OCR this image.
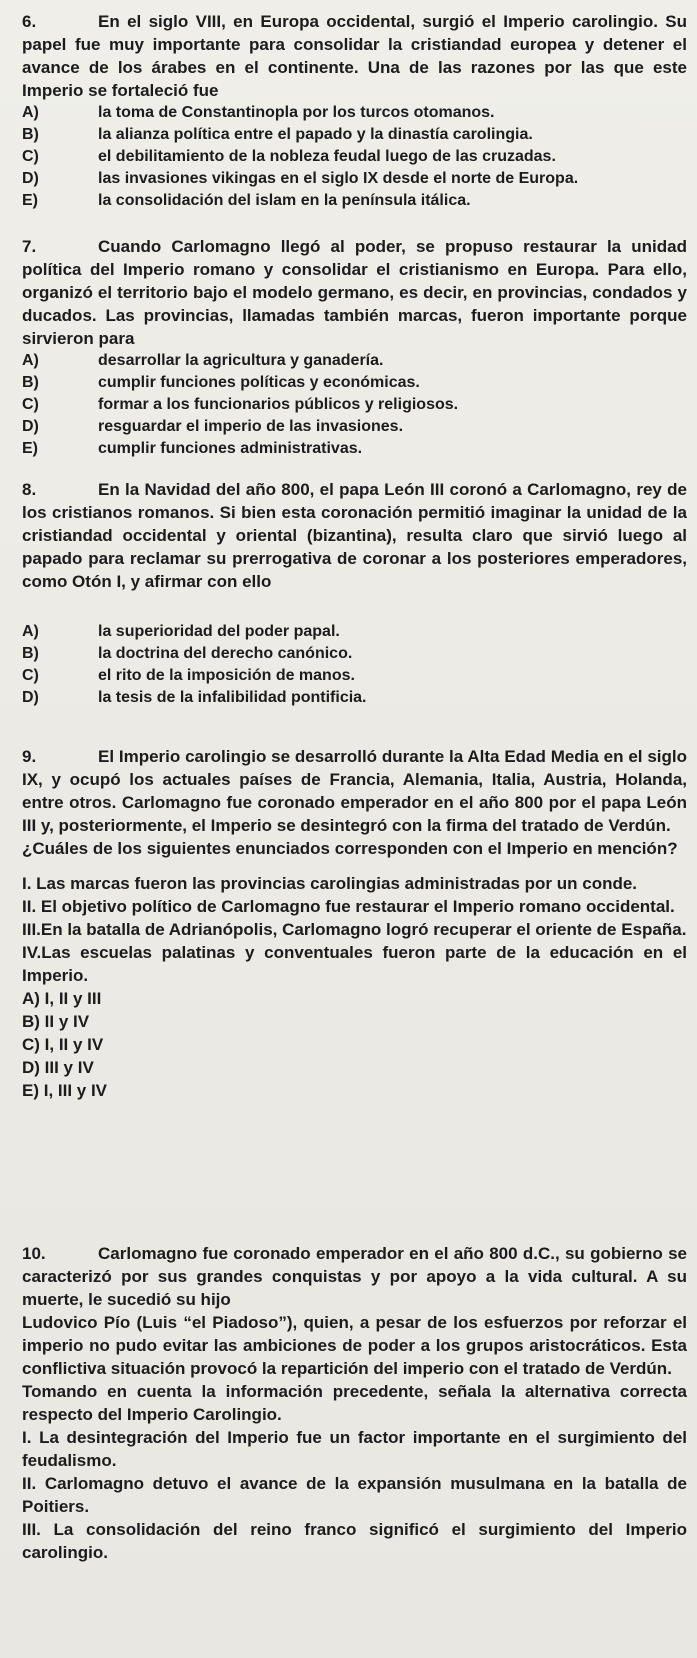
6.	En el siglo VIII, en Europa occidental, surgió el Imperio carolingio. Su papel fue muy importante para consolidar la cristiandad europea y detener el avance de los árabes en el continente. Una de las razones por las que este Imperio se fortaleció fue

A)	la toma de Constantinopla por los turcos otomanos.
B)	la alianza política entre el papado y la dinastía carolingia.
C)	el debilitamiento de la nobleza feudal luego de las cruzadas.
D)	las invasiones vikingas en el siglo IX desde el norte de Europa.
E)	la consolidación del islam en la península itálica.

7.	Cuando Carlomagno llegó al poder, se propuso restaurar la unidad política del Imperio romano y consolidar el cristianismo en Europa. Para ello, organizó el territorio bajo el modelo germano, es decir, en provincias, condados y ducados. Las provincias, llamadas también marcas, fueron importante porque sirvieron para

A)	desarrollar la agricultura y ganadería.
B)	cumplir funciones políticas y económicas.
C)	formar a los funcionarios públicos y religiosos.
D)	resguardar el imperio de las invasiones.
E)	cumplir funciones administrativas.

8.	En la Navidad del año 800, el papa León III coronó a Carlomagno, rey de los cristianos romanos. Si bien esta coronación permitió imaginar la unidad de la cristiandad occidental y oriental (bizantina), resulta claro que sirvió luego al papado para reclamar su prerrogativa de coronar a los posteriores emperadores, como Otón I, y afirmar con ello

A)	la superioridad del poder papal.
B)	la doctrina del derecho canónico.
C)	el rito de la imposición de manos.
D)	la tesis de la infalibilidad pontificia.

9.	El Imperio carolingio se desarrolló durante la Alta Edad Media en el siglo IX, y ocupó los actuales países de Francia, Alemania, Italia, Austria, Holanda, entre otros. Carlomagno fue coronado emperador en el año 800 por el papa León III y, posteriormente, el Imperio se desintegró con la firma del tratado de Verdún.

¿Cuáles de los siguientes enunciados corresponden con el Imperio en mención?

I. Las marcas fueron las provincias carolingias administradas por un conde.

II. El objetivo político de Carlomagno fue restaurar el Imperio romano occidental.

III.En la batalla de Adrianópolis, Carlomagno logró recuperar el oriente de España.

IV.Las escuelas palatinas y conventuales fueron parte de la educación en el Imperio.

A) I, II y III

B) II y IV

C) I, II y IV

D) III y IV

E) I, III y IV

10.	Carlomagno fue coronado emperador en el año 800 d.C., su gobierno se caracterizó por sus grandes conquistas y por apoyo a la vida cultural. A su muerte, le sucedió su hijo

Ludovico Pío (Luis “el Piadoso”), quien, a pesar de los esfuerzos por reforzar el imperio no pudo evitar las ambiciones de poder a los grupos aristocráticos. Esta conflictiva situación provocó la repartición del imperio con el tratado de Verdún.

Tomando en cuenta la información precedente, señala la alternativa correcta respecto del Imperio Carolingio.

I. La desintegración del Imperio fue un factor importante en el surgimiento del feudalismo.

II. Carlomagno detuvo el avance de la expansión musulmana en la batalla de Poitiers.

III. La consolidación del reino franco significó el surgimiento del Imperio carolingio.
